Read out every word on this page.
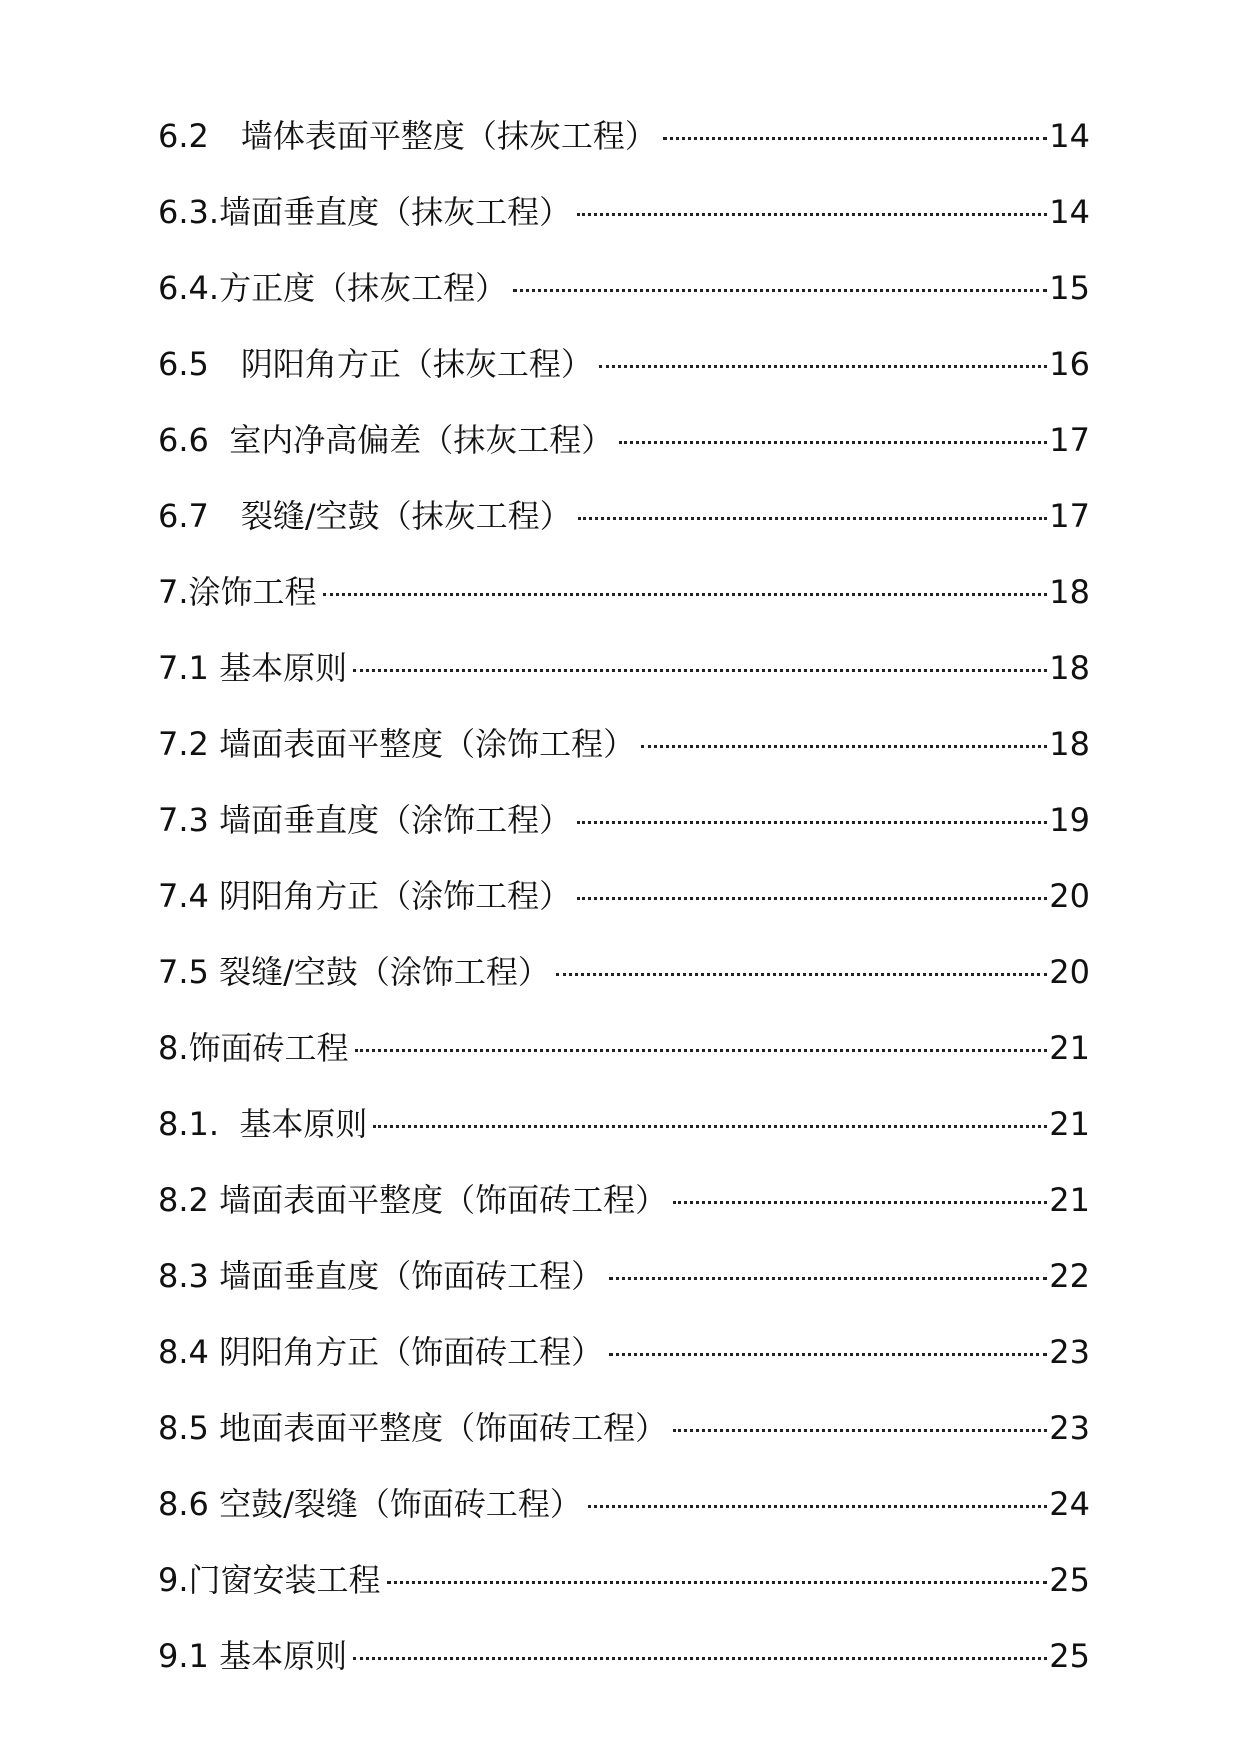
6.2　墙体表面平整度（抹灰工程）	14
6.3.墙面垂直度（抹灰工程）	14
6.4.方正度（抹灰工程）	15
6.5　阴阳角方正（抹灰工程）	16
6.6  室内净高偏差（抹灰工程）	17
6.7　裂缝/空鼓（抹灰工程）	17
7.涂饰工程	18
7.1 基本原则	18
7.2 墙面表面平整度（涂饰工程）	18
7.3 墙面垂直度（涂饰工程）	19
7.4 阴阳角方正（涂饰工程）	20
7.5 裂缝/空鼓（涂饰工程）	20
8.饰面砖工程	21
8.1.  基本原则	21
8.2 墙面表面平整度（饰面砖工程）	21
8.3 墙面垂直度（饰面砖工程）	22
8.4 阴阳角方正（饰面砖工程）	23
8.5 地面表面平整度（饰面砖工程）	23
8.6 空鼓/裂缝（饰面砖工程）	24
9.门窗安装工程	25
9.1 基本原则	25
